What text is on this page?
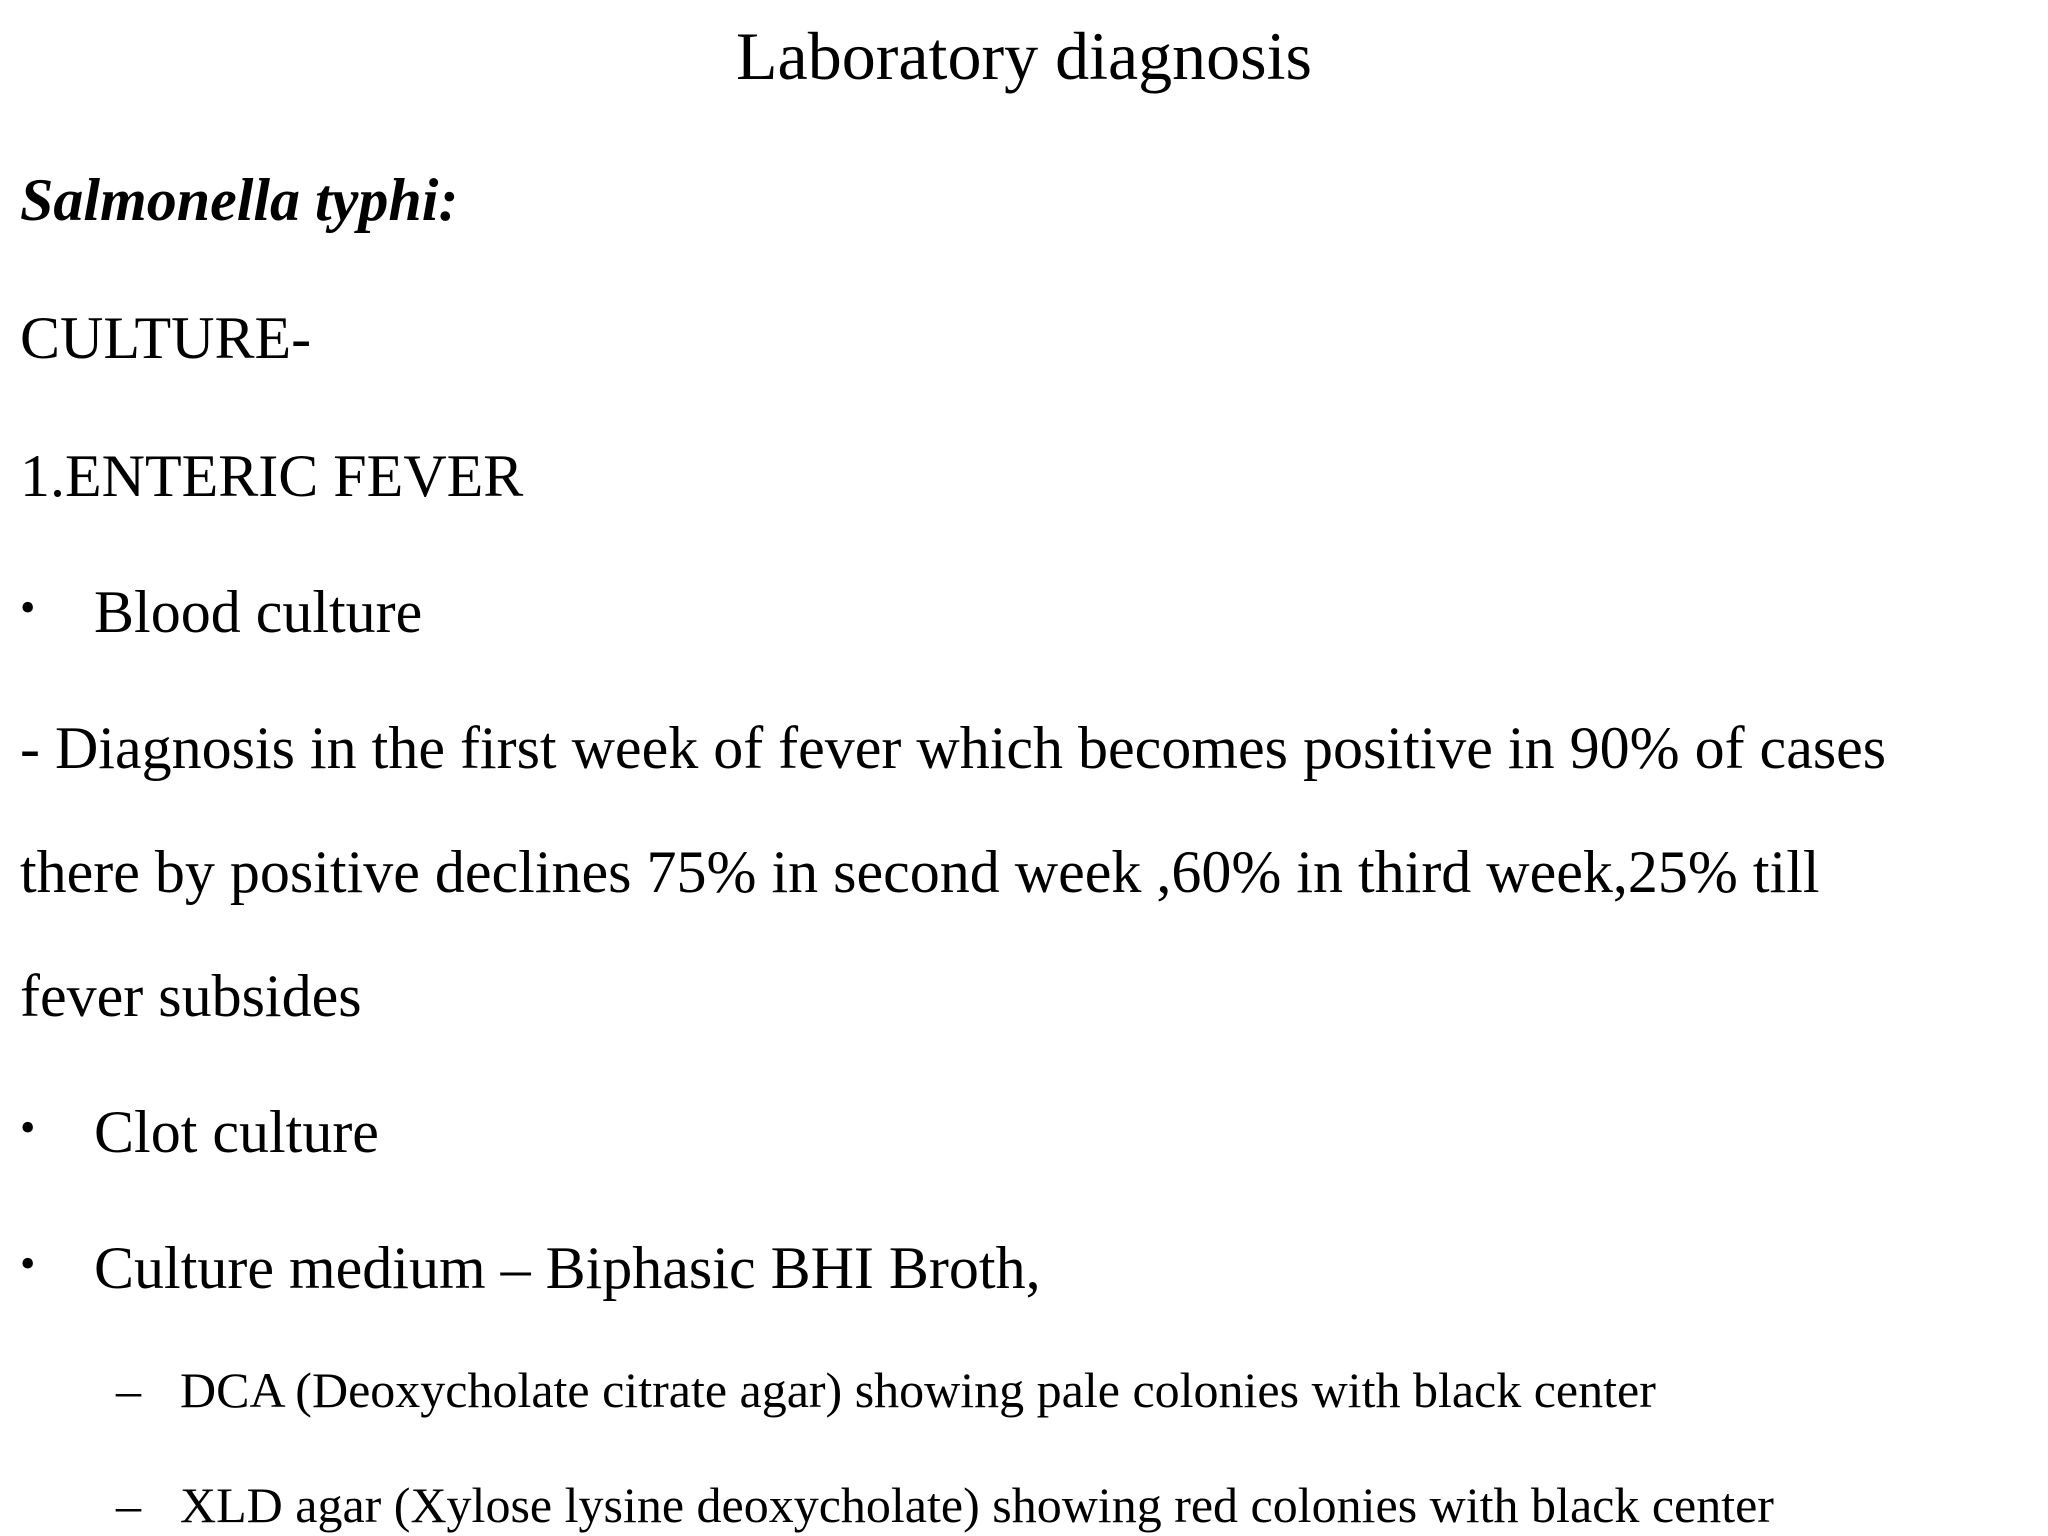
Laboratory diagnosis
Salmonella typhi:
CULTURE-
1.ENTERIC FEVER
• Blood culture
- Diagnosis in the first week of fever which becomes positive in 90% of cases
there by positive declines 75% in second week ,60% in third week,25% till
fever subsides
• Clot culture
• Culture medium – Biphasic BHI Broth,
– DCA (Deoxycholate citrate agar) showing pale colonies with black center
– XLD agar (Xylose lysine deoxycholate) showing red colonies with black center
